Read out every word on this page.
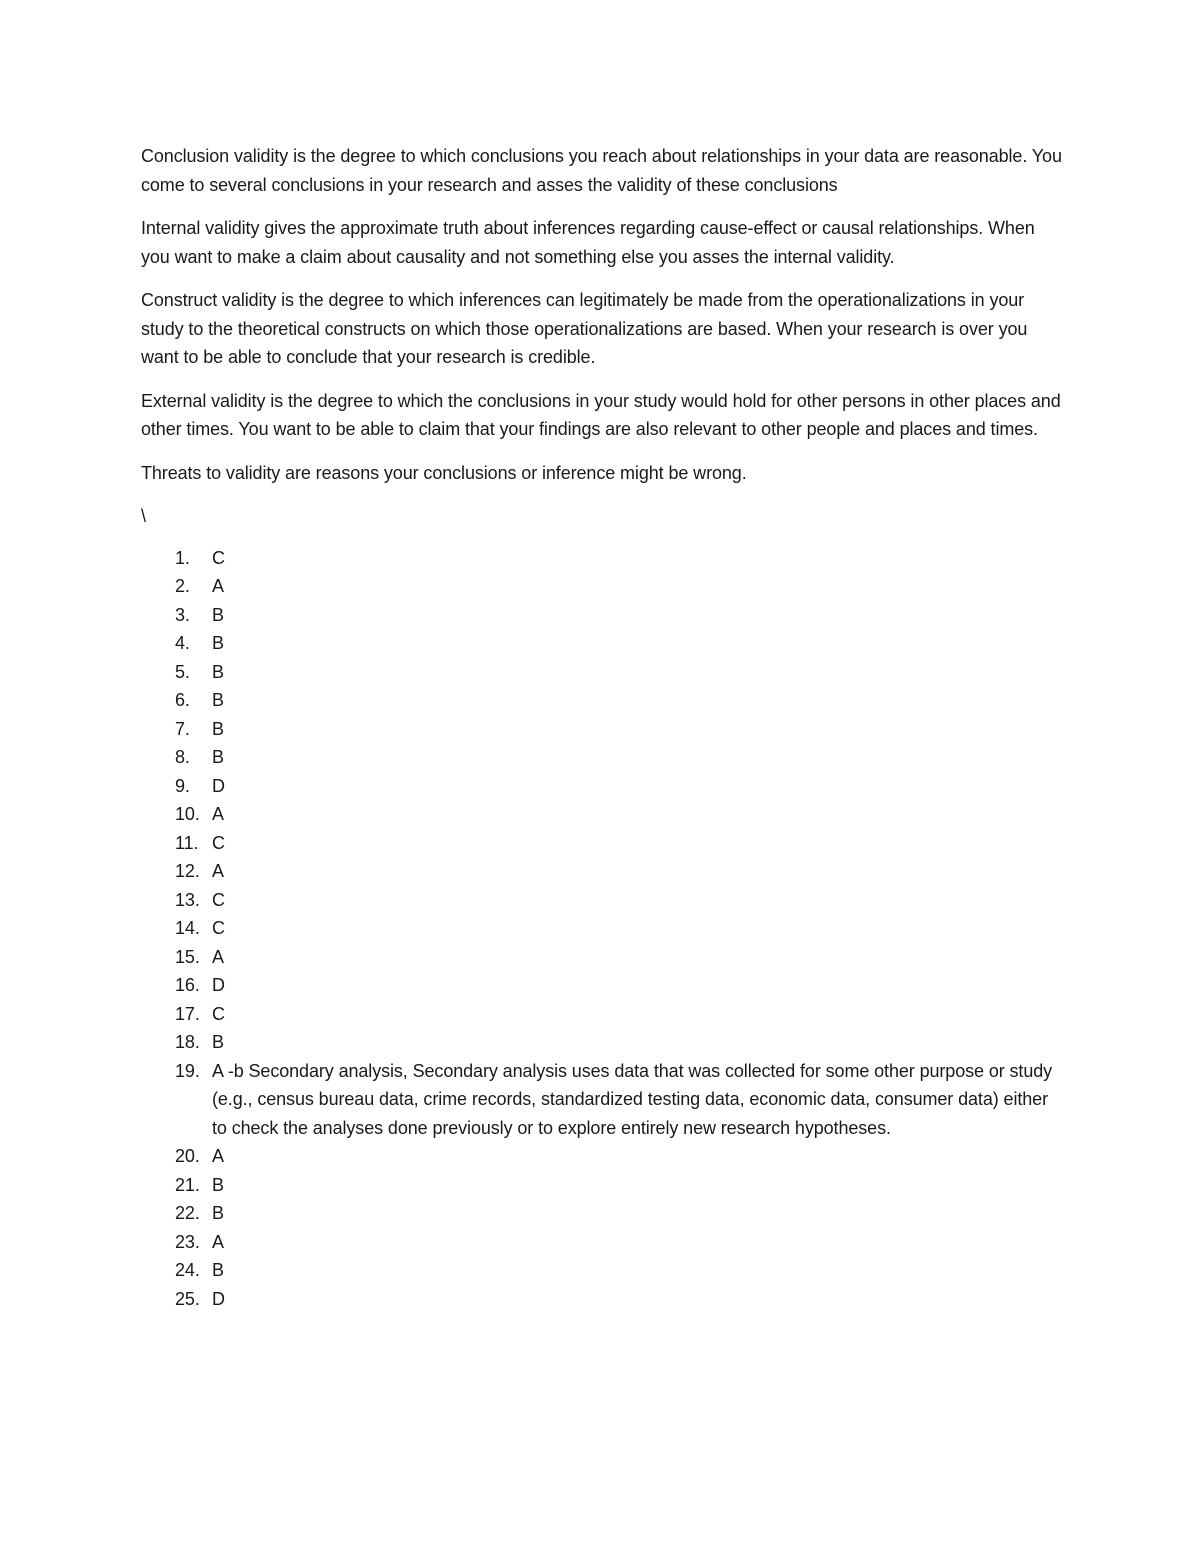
Conclusion validity is the degree to which conclusions you reach about relationships in your data are reasonable. You come to several conclusions in your research and asses the validity of these conclusions

Internal validity gives the approximate truth about inferences regarding cause-effect or causal relationships. When you want to make a claim about causality and not something else you asses the internal validity.

Construct validity is the degree to which inferences can legitimately be made from the operationalizations in your study to the theoretical constructs on which those operationalizations are based. When your research is over you want to be able to conclude that your research is credible.

External validity is the degree to which the conclusions in your study would hold for other persons in other places and other times. You want to be able to claim that your findings are also relevant to other people and places and times.

Threats to validity are reasons your conclusions or inference might be wrong.

\

1.	C
2.	A
3.	B
4.	B
5.	B
6.	B
7.	B
8.	B
9.	D
10. A
11. C
12. A
13. C
14. C
15. A
16. D
17. C
18. B
19. A -b Secondary analysis, Secondary analysis uses data that was collected for some other purpose or study (e.g., census bureau data, crime records, standardized testing data, economic data, consumer data) either to check the analyses done previously or to explore entirely new research hypotheses.
20. A
21. B
22. B
23. A
24. B
25. D
